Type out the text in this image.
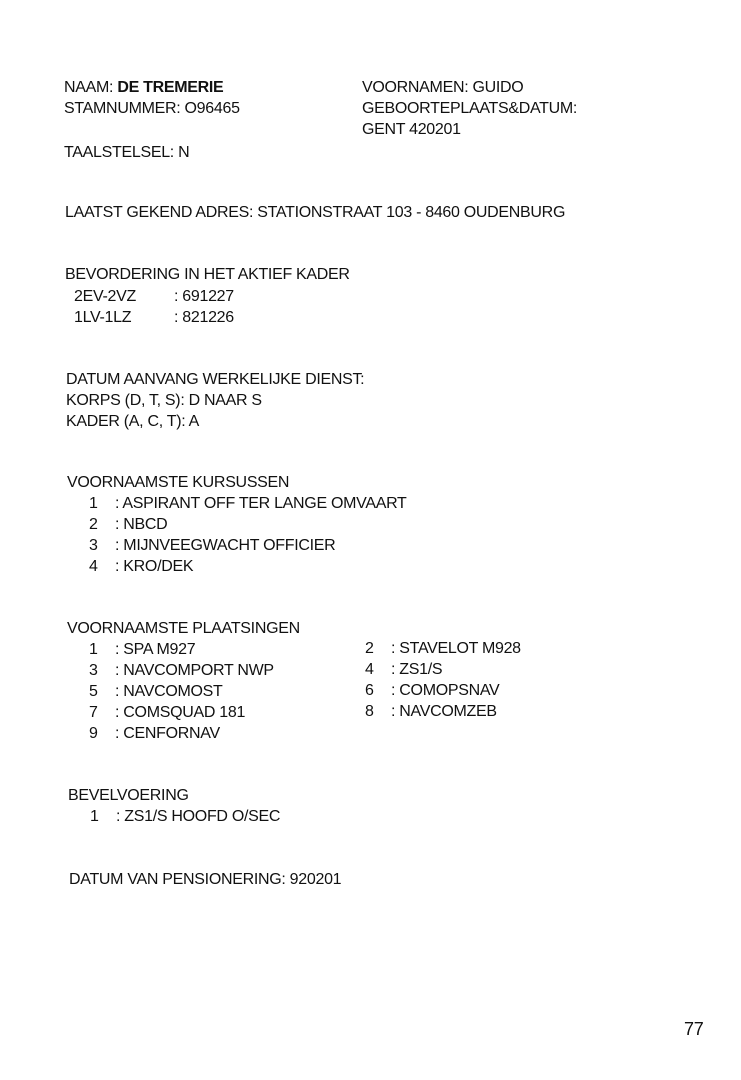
NAAM: DE TREMERIE	VOORNAMEN: GUIDO
STAMNUMMER: O96465	GEBOORTEPLAATS&DATUM:
GENT 420201
TAALSTELSEL: N
LAATST GEKEND ADRES: STATIONSTRAAT 103 - 8460 OUDENBURG
BEVORDERING IN HET AKTIEF KADER
2EV-2VZ : 691227
1LV-1LZ	: 821226
DATUM AANVANG WERKELIJKE DIENST:
KORPS (D, T, S): D NAAR S
KADER (A, C, T): A
VOORNAAMSTE KURSUSSEN
1 : ASPIRANT OFF TER LANGE OMVAART
2 : NBCD
3 : MIJNVEEGWACHT OFFICIER
4 : KRO/DEK
VOORNAAMSTE PLAATSINGEN
1 : SPA M927
3 : NAVCOMPORT NWP
5 : NAVCOMOST
7 : COMSQUAD 181
9 : CENFORNAV
2 : STAVELOT M928
4 : ZS1/S
6 : COMOPSNAV
8 : NAVCOMZEB
BEVELVOERING
1 : ZS1/S HOOFD O/SEC
DATUM VAN PENSIONERING: 920201
77
